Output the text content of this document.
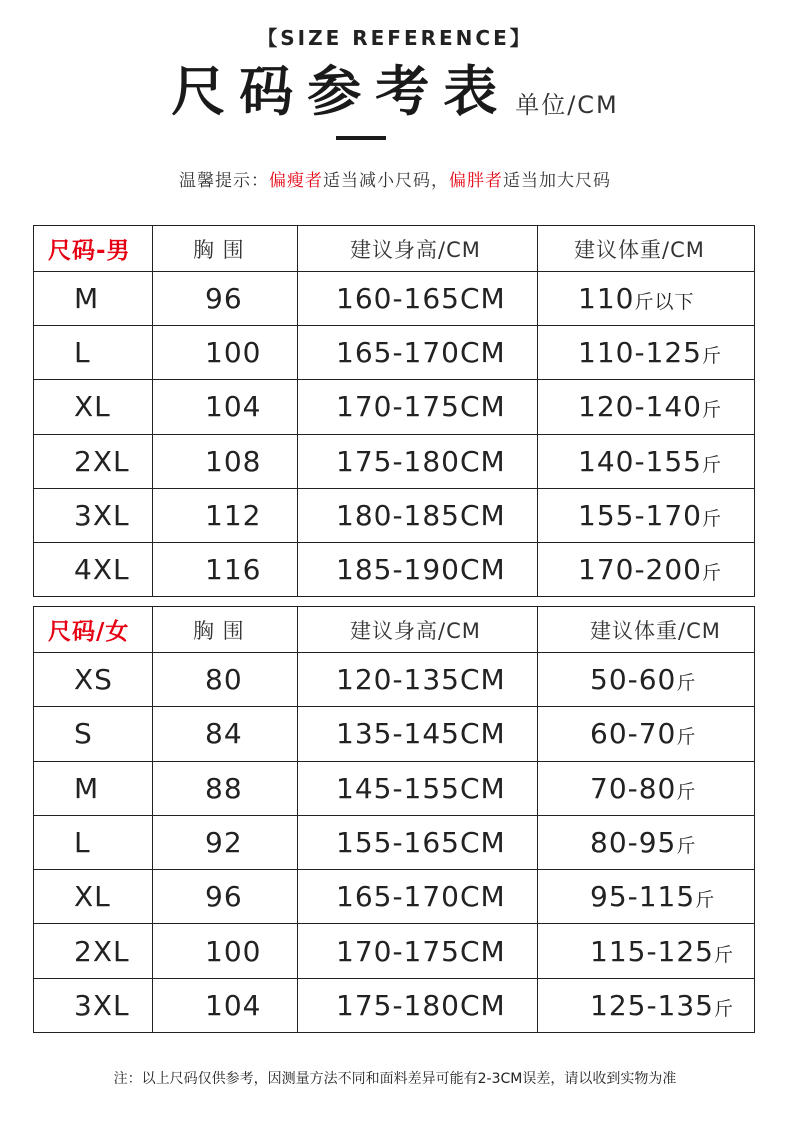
【SIZE REFERENCE】
尺码参考表 单位/CM
温馨提示：偏瘦者适当减小尺码，偏胖者适当加大尺码
尺码-男	胸 围	建议身高/CM	建议体重/CM
M	96	160-165CM	110斤以下
L	100	165-170CM	110-125斤
XL	104	170-175CM	120-140斤
2XL	108	175-180CM	140-155斤
3XL	112	180-185CM	155-170斤
4XL	116	185-190CM	170-200斤
尺码/女	胸 围	建议身高/CM	建议体重/CM
XS	80	120-135CM	50-60斤
S	84	135-145CM	60-70斤
M	88	145-155CM	70-80斤
L	92	155-165CM	80-95斤
XL	96	165-170CM	95-115斤
2XL	100	170-175CM	115-125斤
3XL	104	175-180CM	125-135斤
注：以上尺码仅供参考，因测量方法不同和面料差异可能有2-3CM误差，请以收到实物为准
